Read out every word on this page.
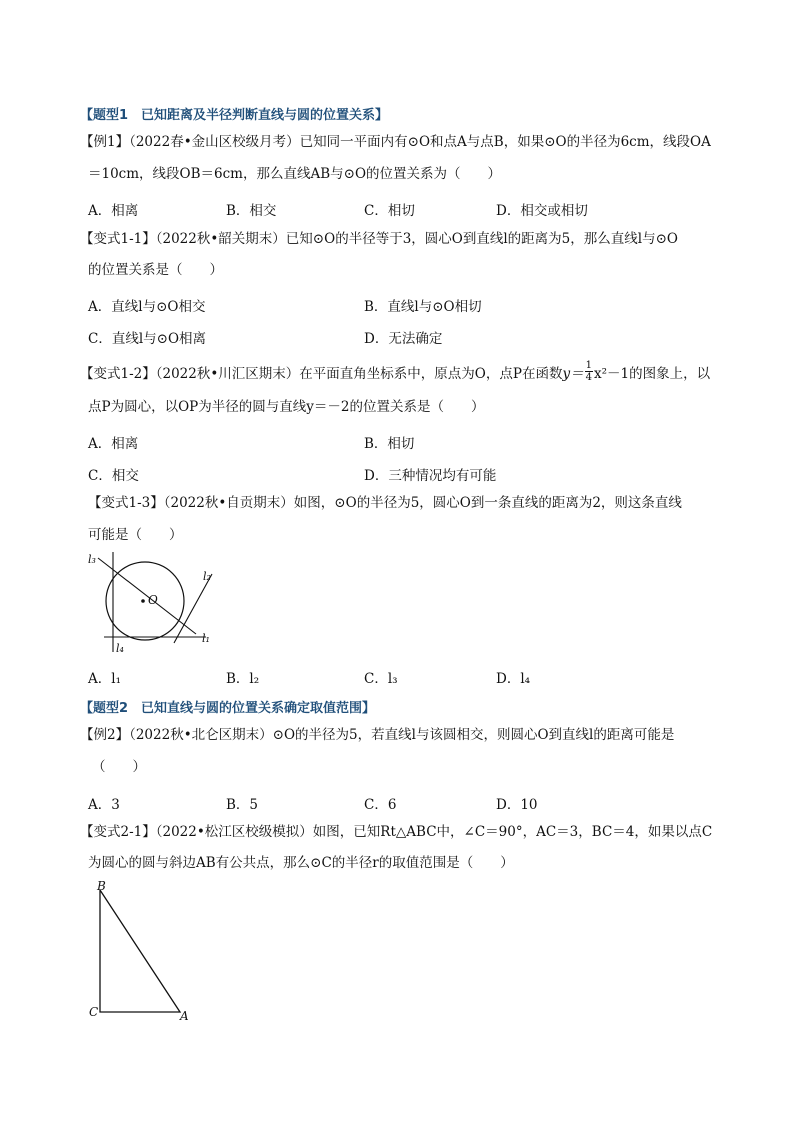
【题型1　已知距离及半径判断直线与圆的位置关系】
【例1】（2022春•金山区校级月考）已知同一平面内有⊙O和点A与点B，如果⊙O的半径为6cm，线段OA
＝10cm，线段OB＝6cm，那么直线AB与⊙O的位置关系为（　　）
A．相离	B．相交	C．相切	D．相交或相切
【变式1-1】（2022秋•韶关期末）已知⊙O的半径等于3，圆心O到直线l的距离为5，那么直线l与⊙O
的位置关系是（　　）
A．直线l与⊙O相交	B．直线l与⊙O相切
C．直线l与⊙O相离	D．无法确定
【变式1-2】（2022秋•川汇区期末）在平面直角坐标系中，原点为O，点P在函数$y= \frac{1}{4} x^2-1$的图象上，以
点P为圆心，以OP为半径的圆与直线y＝－2的位置关系是（　　）
A．相离	B．相切
C．相交	D．三种情况均有可能
【变式1-3】（2022秋•自贡期末）如图，⊙O的半径为5，圆心O到一条直线的距离为2，则这条直线
可能是（　　）
l₃
l₂
O
l₁
l₄
A．l₁	B．l₂	C．l₃	D．l₄
【题型2　已知直线与圆的位置关系确定取值范围】
【例2】（2022秋•北仑区期末）⊙O的半径为5，若直线l与该圆相交，则圆心O到直线l的距离可能是
（　　）
A．3	B．5	C．6	D．10
【变式2-1】（2022•松江区校级模拟）如图，已知Rt△ABC中，∠C＝90°，AC＝3，BC＝4，如果以点C
为圆心的圆与斜边AB有公共点，那么⊙C的半径r的取值范围是（　　）
B
C	A
